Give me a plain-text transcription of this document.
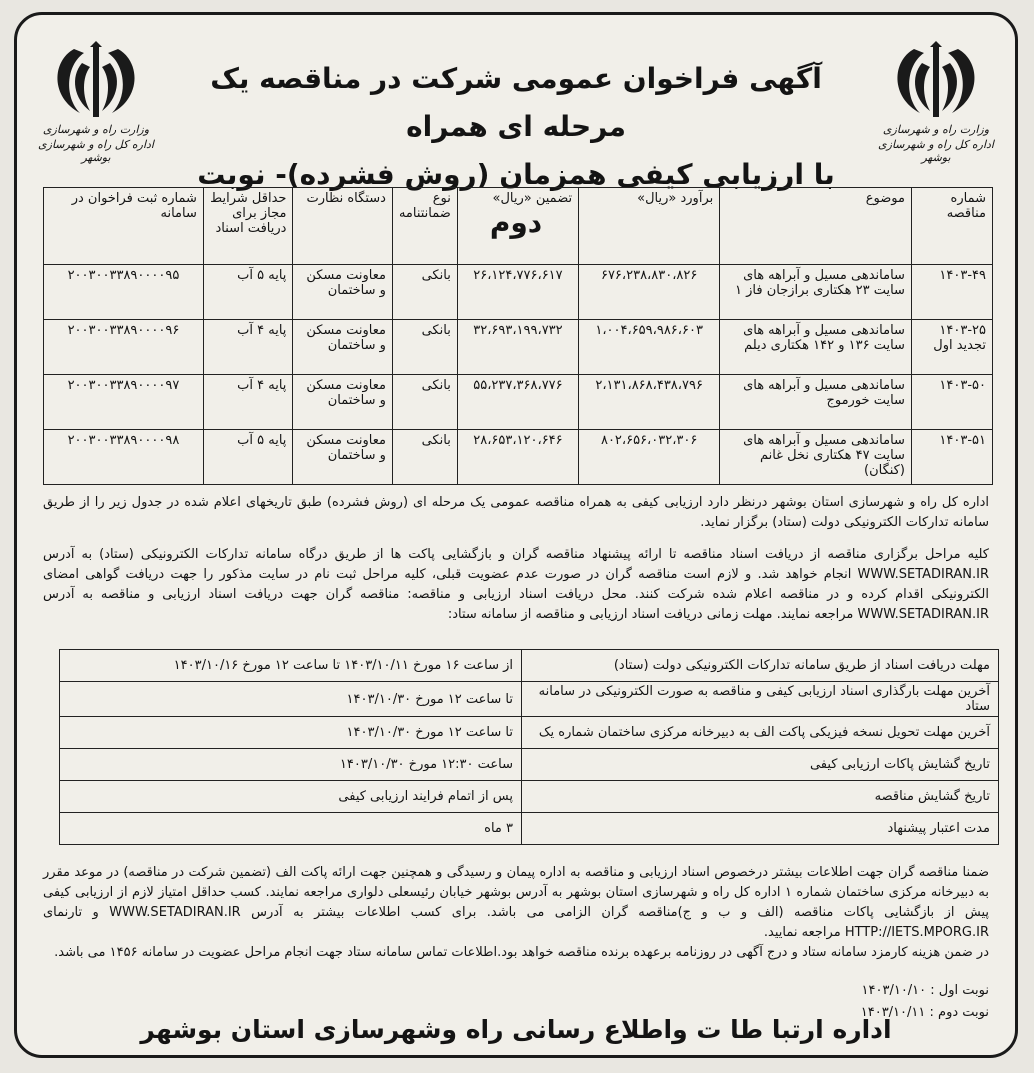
وزارت راه و شهرسازی
اداره کل راه و شهرسازی بوشهر
وزارت راه و شهرسازی
اداره کل راه و شهرسازی بوشهر
آگهی فراخوان عمومی شرکت در مناقصه یک مرحله ای همراه
با ارزیابی کیفی همزمان (روش فشرده)- نوبت دوم
شماره مناقصه	موضوع	برآورد «ریال»	تضمین «ریال»	نوع ضمانتنامه	دستگاه نظارت	حداقل شرایط مجاز برای دریافت اسناد	شماره ثبت فراخوان در سامانه
۱۴۰۳-۴۹	ساماندهی مسیل و آبراهه های سایت ۲۳ هکتاری برازجان فاز ۱	۶۷۶،۲۳۸،۸۳۰،۸۲۶	۲۶،۱۲۴،۷۷۶،۶۱۷	بانکی	معاونت مسکن و ساختمان	پایه ۵ آب	۲۰۰۳۰۰۳۳۸۹۰۰۰۰۹۵
۱۴۰۳-۲۵ تجدید اول	ساماندهی مسیل و آبراهه های سایت ۱۳۶ و ۱۴۲ هکتاری دیلم	۱،۰۰۴،۶۵۹،۹۸۶،۶۰۳	۳۲،۶۹۳،۱۹۹،۷۳۲	بانکی	معاونت مسکن و ساختمان	پایه ۴ آب	۲۰۰۳۰۰۳۳۸۹۰۰۰۰۹۶
۱۴۰۳-۵۰	ساماندهی مسیل و آبراهه های سایت خورموج	۲،۱۳۱،۸۶۸،۴۳۸،۷۹۶	۵۵،۲۳۷،۳۶۸،۷۷۶	بانکی	معاونت مسکن و ساختمان	پایه ۴ آب	۲۰۰۳۰۰۳۳۸۹۰۰۰۰۹۷
۱۴۰۳-۵۱	ساماندهی مسیل و آبراهه های سایت ۴۷ هکتاری نخل غانم (کنگان)	۸۰۲،۶۵۶،۰۳۲،۳۰۶	۲۸،۶۵۳،۱۲۰،۶۴۶	بانکی	معاونت مسکن و ساختمان	پایه ۵ آب	۲۰۰۳۰۰۳۳۸۹۰۰۰۰۹۸
اداره کل راه و شهرسازی استان بوشهر درنظر دارد ارزیابی کیفی به همراه مناقصه عمومی یک مرحله ای (روش فشرده) طبق تاریخهای اعلام شده در جدول زیر را از طریق سامانه تدارکات الکترونیکی دولت (ستاد) برگزار نماید.
کلیه مراحل برگزاری مناقصه از دریافت اسناد مناقصه تا ارائه پیشنهاد مناقصه گران و بازگشایی پاکت ها از طریق درگاه سامانه تدارکات الکترونیکی (ستاد) به آدرس WWW.SETADIRAN.IR انجام خواهد شد. و لازم است مناقصه گران در صورت عدم عضویت قبلی، کلیه مراحل ثبت نام در سایت مذکور را جهت دریافت گواهی امضای الکترونیکی اقدام کرده و در مناقصه اعلام شده شرکت کنند. محل دریافت اسناد ارزیابی و مناقصه: مناقصه گران جهت دریافت اسناد ارزیابی و مناقصه به آدرس WWW.SETADIRAN.IR مراجعه نمایند. مهلت زمانی دریافت اسناد ارزیابی و مناقصه از سامانه ستاد:
مهلت دریافت اسناد از طریق سامانه تدارکات الکترونیکی دولت (ستاد)	از ساعت ۱۶ مورخ ۱۴۰۳/۱۰/۱۱ تا ساعت ۱۲ مورخ ۱۴۰۳/۱۰/۱۶
آخرین مهلت بارگذاری اسناد ارزیابی کیفی و مناقصه به صورت الکترونیکی در سامانه ستاد	تا ساعت ۱۲ مورخ ۱۴۰۳/۱۰/۳۰
آخرین مهلت تحویل نسخه فیزیکی پاکت الف به دبیرخانه مرکزی ساختمان شماره یک	تا ساعت ۱۲ مورخ ۱۴۰۳/۱۰/۳۰
تاریخ گشایش پاکات ارزیابی کیفی	ساعت ۱۲:۳۰ مورخ ۱۴۰۳/۱۰/۳۰
تاریخ گشایش مناقصه	پس از اتمام فرایند ارزیابی کیفی
مدت اعتبار پیشنهاد	۳ ماه
ضمنا مناقصه گران جهت اطلاعات بیشتر درخصوص اسناد ارزیابی و مناقصه به اداره پیمان و رسیدگی و همچنین جهت ارائه پاکت الف (تضمین شرکت در مناقصه) در موعد مقرر به دبیرخانه مرکزی ساختمان شماره ۱ اداره کل راه و شهرسازی استان بوشهر به آدرس بوشهر خیابان رئیسعلی دلواری مراجعه نمایند. کسب حداقل امتیاز لازم از ارزیابی کیفی پیش از بازگشایی پاکات مناقصه (الف و ب و ج)مناقصه گران الزامی می باشد. برای کسب اطلاعات بیشتر به آدرس WWW.SETADIRAN.IR و تارنمای HTTP://IETS.MPORG.IR مراجعه نمایید.
در ضمن هزینه کارمزد سامانه ستاد و درج آگهی در روزنامه برعهده برنده مناقصه خواهد بود.اطلاعات تماس سامانه ستاد جهت انجام مراحل عضویت در سامانه ۱۴۵۶ می باشد.
نوبت اول : ۱۴۰۳/۱۰/۱۰
نوبت دوم : ۱۴۰۳/۱۰/۱۱
اداره ارتبا طا ت واطلاع رسانی راه وشهرسازی استان بوشهر
